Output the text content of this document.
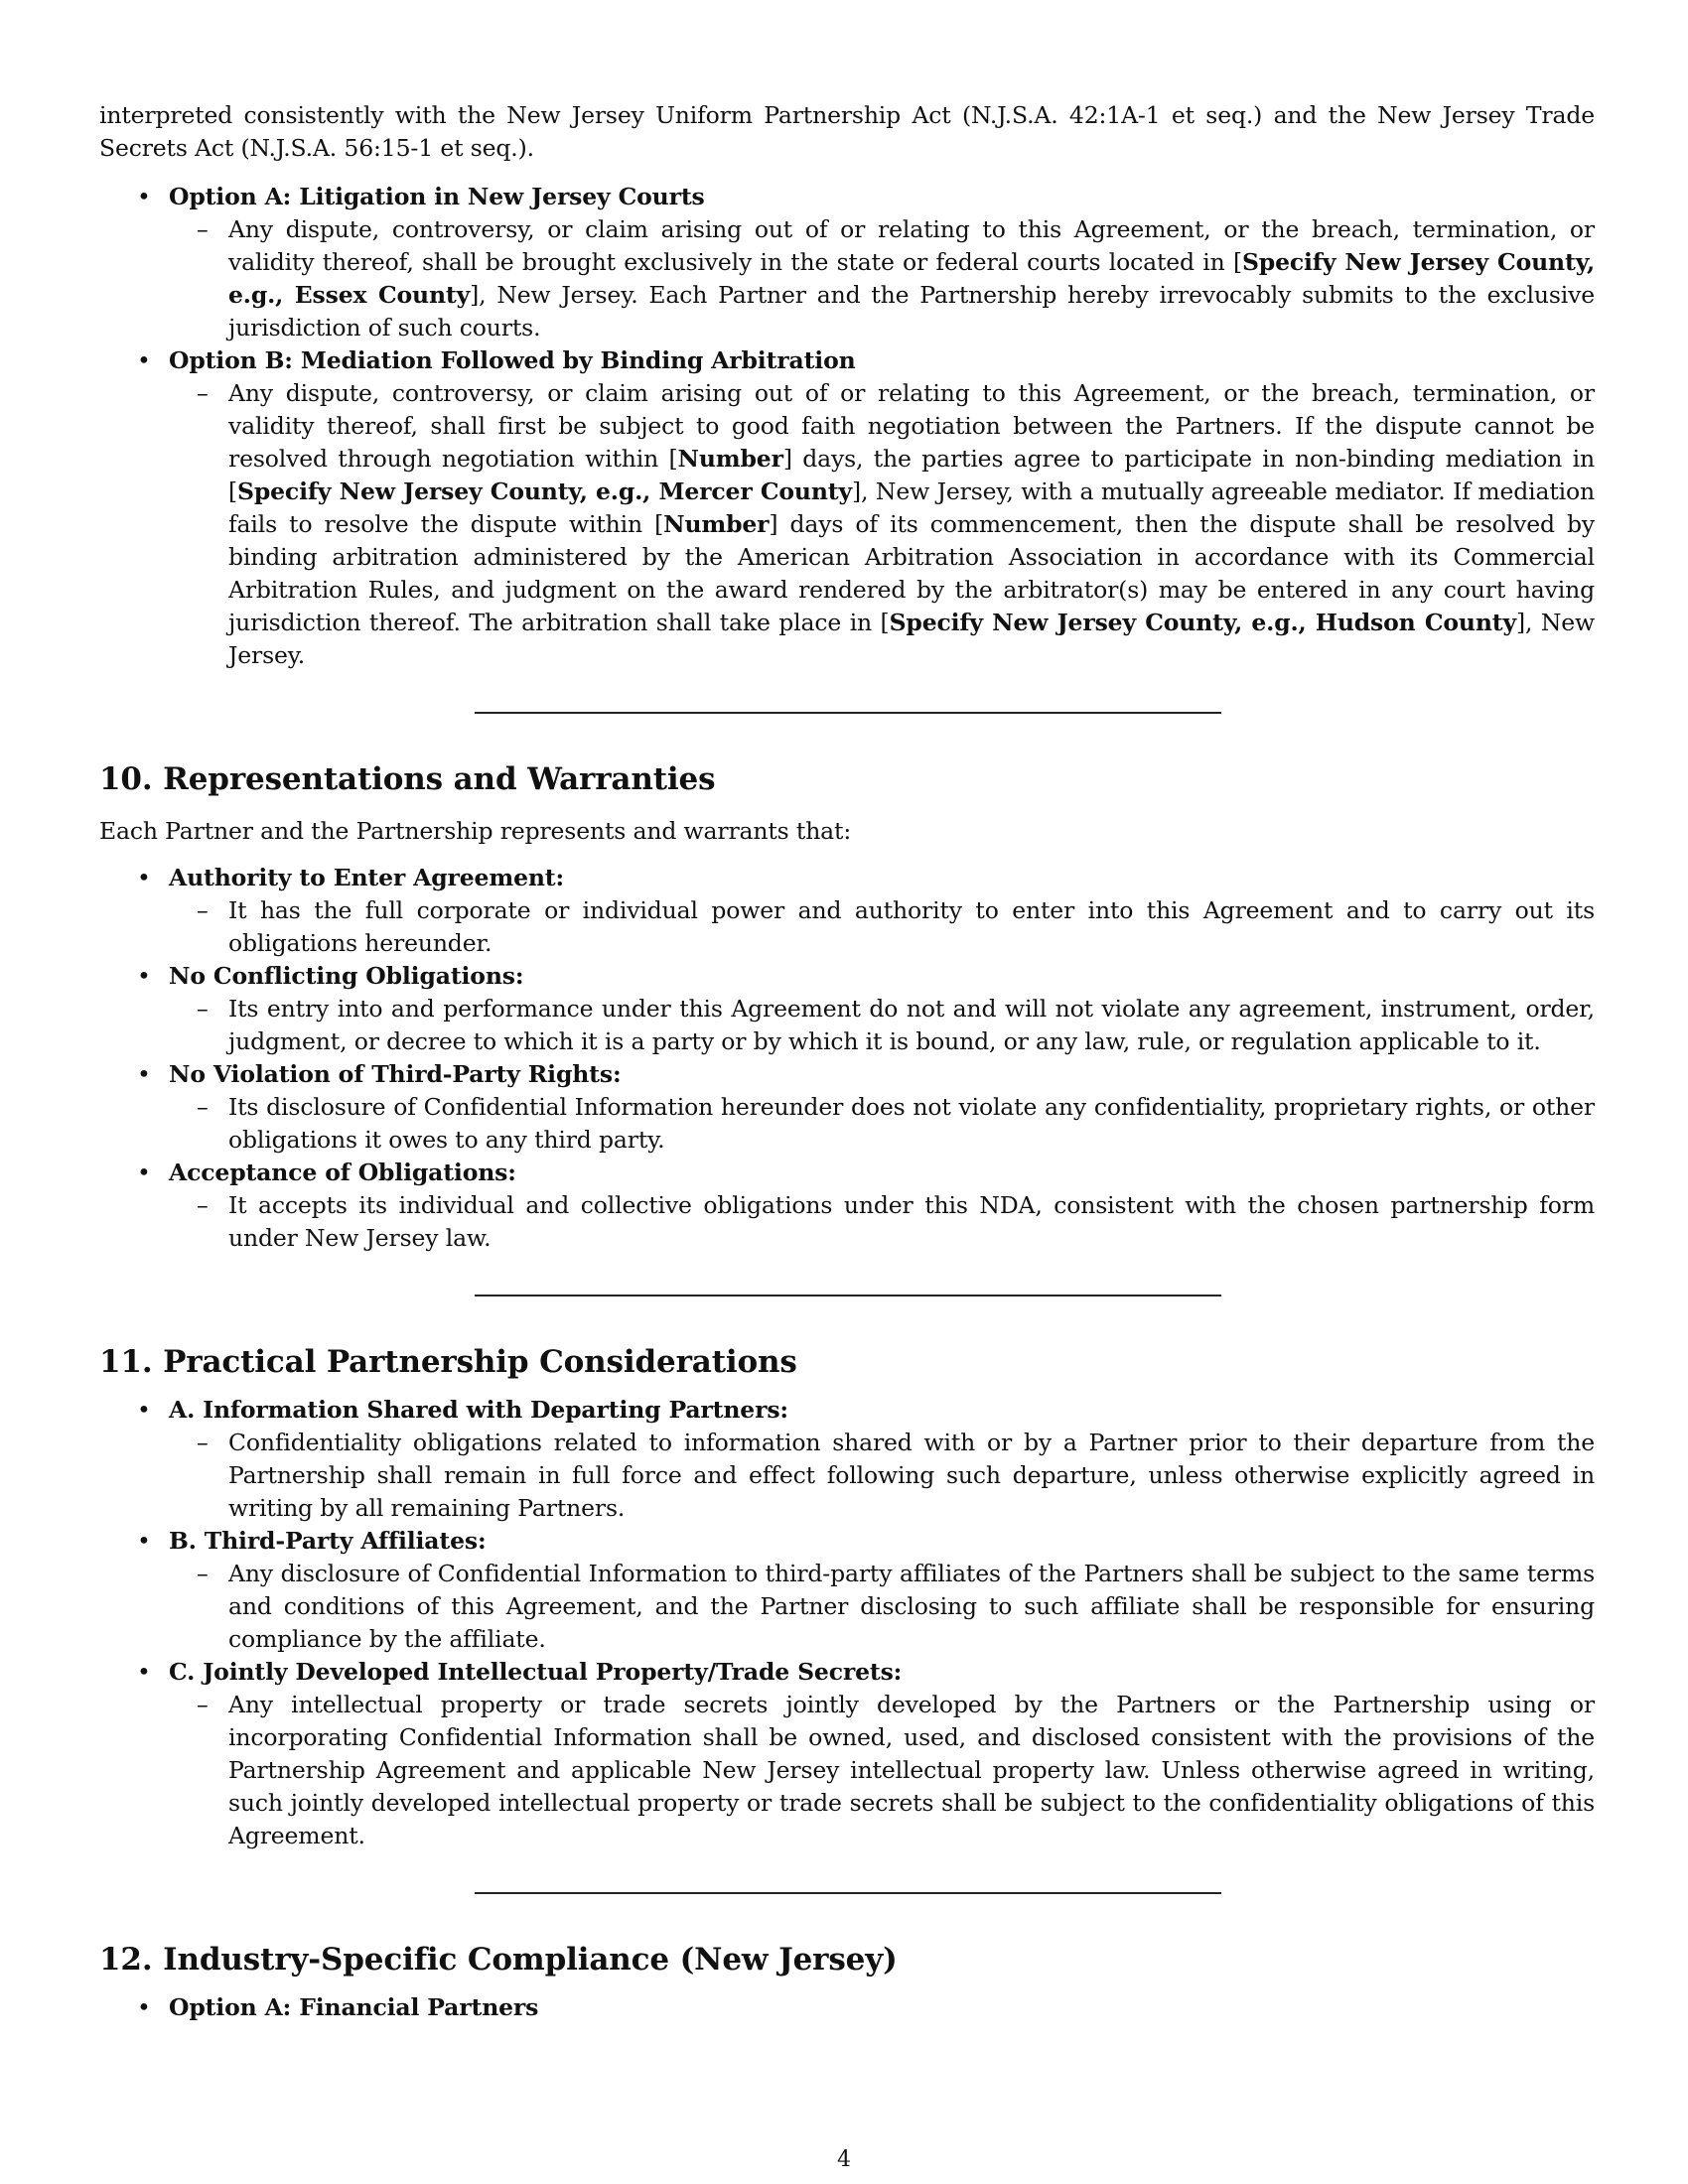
interpreted consistently with the New Jersey Uniform Partnership Act (N.J.S.A. 42:1A-1 et seq.) and the New Jersey Trade Secrets Act (N.J.S.A. 56:15-1 et seq.).

• Option A: Litigation in New Jersey Courts
– Any dispute, controversy, or claim arising out of or relating to this Agreement, or the breach, termination, or validity thereof, shall be brought exclusively in the state or federal courts located in [Specify New Jersey County, e.g., Essex County], New Jersey. Each Partner and the Partnership hereby irrevocably submits to the exclusive jurisdiction of such courts.
• Option B: Mediation Followed by Binding Arbitration
– Any dispute, controversy, or claim arising out of or relating to this Agreement, or the breach, termination, or validity thereof, shall first be subject to good faith negotiation between the Partners. If the dispute cannot be resolved through negotiation within [Number] days, the parties agree to participate in non-binding mediation in [Specify New Jersey County, e.g., Mercer County], New Jersey, with a mutually agreeable mediator. If mediation fails to resolve the dispute within [Number] days of its commencement, then the dispute shall be resolved by binding arbitration administered by the American Arbitration Association in accordance with its Commercial Arbitration Rules, and judgment on the award rendered by the arbitrator(s) may be entered in any court having jurisdiction thereof. The arbitration shall take place in [Specify New Jersey County, e.g., Hudson County], New Jersey.
10. Representations and Warranties

Each Partner and the Partnership represents and warrants that:

• Authority to Enter Agreement:
– It has the full corporate or individual power and authority to enter into this Agreement and to carry out its obligations hereunder.
• No Conflicting Obligations:
– Its entry into and performance under this Agreement do not and will not violate any agreement, instrument, order, judgment, or decree to which it is a party or by which it is bound, or any law, rule, or regulation applicable to it.
• No Violation of Third-Party Rights:
– Its disclosure of Confidential Information hereunder does not violate any confidentiality, proprietary rights, or other obligations it owes to any third party.
• Acceptance of Obligations:
– It accepts its individual and collective obligations under this NDA, consistent with the chosen partnership form under New Jersey law.
11. Practical Partnership Considerations
• A. Information Shared with Departing Partners:
– Confidentiality obligations related to information shared with or by a Partner prior to their departure from the Partnership shall remain in full force and effect following such departure, unless otherwise explicitly agreed in writing by all remaining Partners.
• B. Third-Party Affiliates:
– Any disclosure of Confidential Information to third-party affiliates of the Partners shall be subject to the same terms and conditions of this Agreement, and the Partner disclosing to such affiliate shall be responsible for ensuring compliance by the affiliate.
• C. Jointly Developed Intellectual Property/Trade Secrets:
– Any intellectual property or trade secrets jointly developed by the Partners or the Partnership using or incorporating Confidential Information shall be owned, used, and disclosed consistent with the provisions of the Partnership Agreement and applicable New Jersey intellectual property law. Unless otherwise agreed in writing, such jointly developed intellectual property or trade secrets shall be subject to the confidentiality obligations of this Agreement.
12. Industry-Specific Compliance (New Jersey)
• Option A: Financial Partners
4
